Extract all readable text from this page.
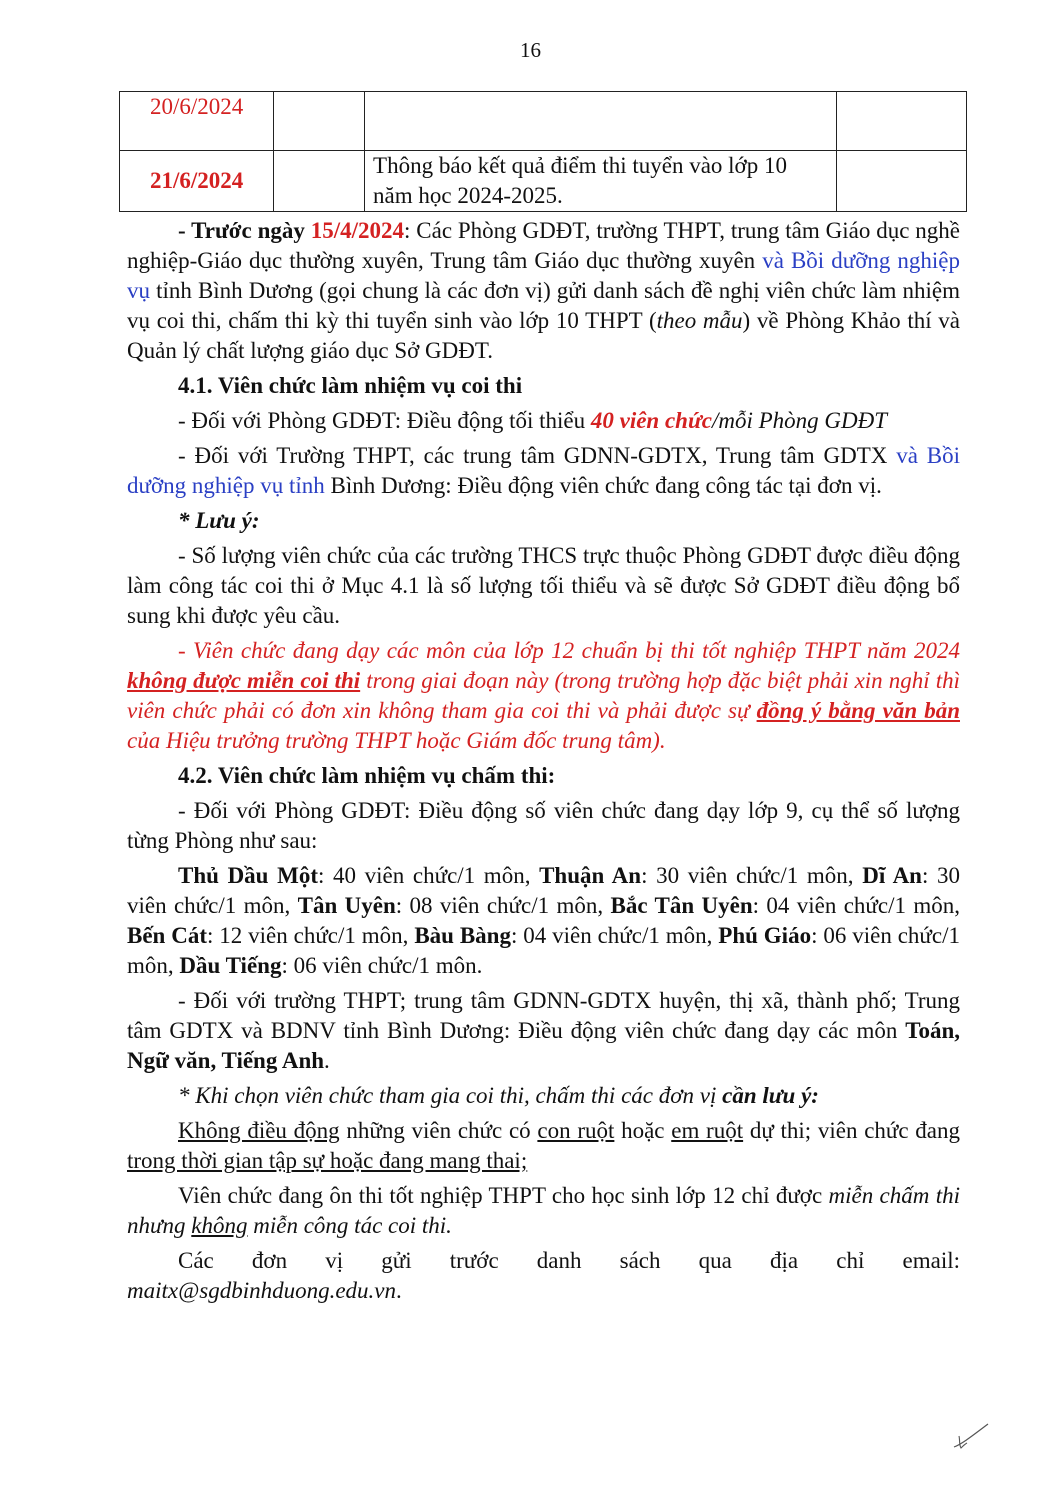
16
20/6/2024			
21/6/2024		Thông báo kết quả điểm thi tuyển vào lớp 10
năm học 2024-2025.	

- Trước ngày 15/4/2024: Các Phòng GDĐT, trường THPT, trung tâm Giáo dục nghề nghiệp-Giáo dục thường xuyên, Trung tâm Giáo dục thường xuyên và Bồi dưỡng nghiệp vụ tỉnh Bình Dương (gọi chung là các đơn vị) gửi danh sách đề nghị viên chức làm nhiệm vụ coi thi, chấm thi kỳ thi tuyển sinh vào lớp 10 THPT (theo mẫu) về Phòng Khảo thí và Quản lý chất lượng giáo dục Sở GDĐT.

4.1. Viên chức làm nhiệm vụ coi thi

- Đối với Phòng GDĐT: Điều động tối thiểu 40 viên chức/mỗi Phòng GDĐT

- Đối với Trường THPT, các trung tâm GDNN-GDTX, Trung tâm GDTX và Bồi dưỡng nghiệp vụ tỉnh Bình Dương: Điều động viên chức đang công tác tại đơn vị.

* Lưu ý:

- Số lượng viên chức của các trường THCS trực thuộc Phòng GDĐT được điều động làm công tác coi thi ở Mục 4.1 là số lượng tối thiểu và sẽ được Sở GDĐT điều động bổ sung khi được yêu cầu.

- Viên chức đang dạy các môn của lớp 12 chuẩn bị thi tốt nghiệp THPT năm 2024 không được miễn coi thi trong giai đoạn này (trong trường hợp đặc biệt phải xin nghỉ thì viên chức phải có đơn xin không tham gia coi thi và phải được sự đồng ý bằng văn bản của Hiệu trưởng trường THPT hoặc Giám đốc trung tâm).

4.2. Viên chức làm nhiệm vụ chấm thi:

- Đối với Phòng GDĐT: Điều động số viên chức đang dạy lớp 9, cụ thể số lượng từng Phòng như sau:

Thủ Dầu Một: 40 viên chức/1 môn, Thuận An: 30 viên chức/1 môn, Dĩ An: 30 viên chức/1 môn, Tân Uyên: 08 viên chức/1 môn, Bắc Tân Uyên: 04 viên chức/1 môn, Bến Cát: 12 viên chức/1 môn, Bàu Bàng: 04 viên chức/1 môn, Phú Giáo: 06 viên chức/1 môn, Dầu Tiếng: 06 viên chức/1 môn.

- Đối với trường THPT; trung tâm GDNN-GDTX huyện, thị xã, thành phố; Trung tâm GDTX và BDNV tỉnh Bình Dương: Điều động viên chức đang dạy các môn Toán, Ngữ văn, Tiếng Anh.

* Khi chọn viên chức tham gia coi thi, chấm thi các đơn vị cần lưu ý:

Không điều động những viên chức có con ruột hoặc em ruột dự thi; viên chức đang trong thời gian tập sự hoặc đang mang thai;

Viên chức đang ôn thi tốt nghiệp THPT cho học sinh lớp 12 chỉ được miễn chấm thi nhưng không miễn công tác coi thi.

Các đơn vị gửi trước danh sách qua địa chỉ email:

maitx@sgdbinhduong.edu.vn.
